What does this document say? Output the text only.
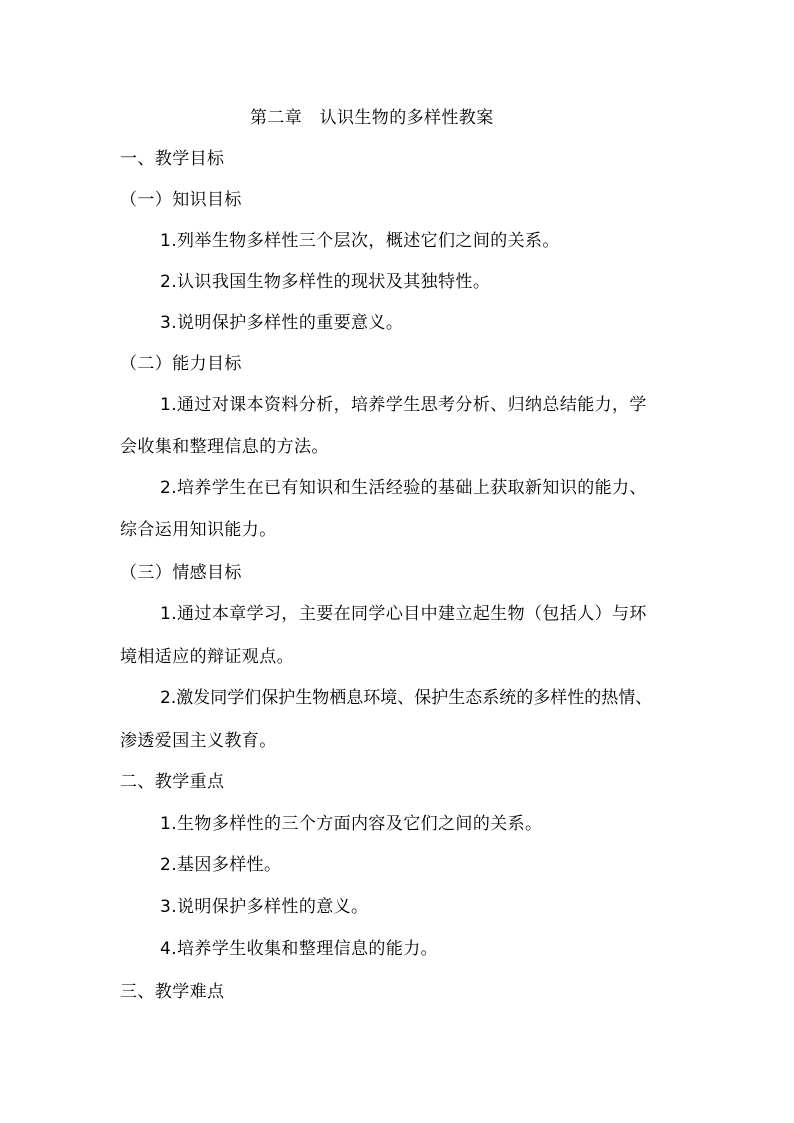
第二章　认识生物的多样性教案
一、教学目标
（一）知识目标
1.列举生物多样性三个层次，概述它们之间的关系。
2.认识我国生物多样性的现状及其独特性。
3.说明保护多样性的重要意义。
（二）能力目标
1.通过对课本资料分析，培养学生思考分析、归纳总结能力，学
会收集和整理信息的方法。
2.培养学生在已有知识和生活经验的基础上获取新知识的能力、
综合运用知识能力。
（三）情感目标
1.通过本章学习，主要在同学心目中建立起生物（包括人）与环
境相适应的辩证观点。
2.激发同学们保护生物栖息环境、保护生态系统的多样性的热情、
渗透爱国主义教育。
二、教学重点
1.生物多样性的三个方面内容及它们之间的关系。
2.基因多样性。
3.说明保护多样性的意义。
4.培养学生收集和整理信息的能力。
三、教学难点
